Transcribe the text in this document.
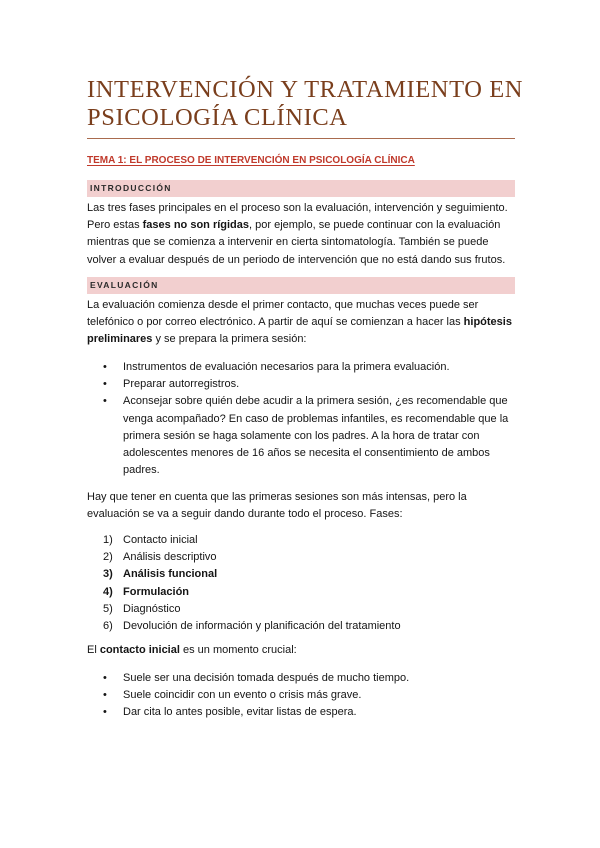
INTERVENCIÓN Y TRATAMIENTO EN
PSICOLOGÍA CLÍNICA

TEMA 1: EL PROCESO DE INTERVENCIÓN EN PSICOLOGÍA CLÍNICA

INTRODUCCIÓN

Las tres fases principales en el proceso son la evaluación, intervención y seguimiento. Pero estas fases no son rígidas, por ejemplo, se puede continuar con la evaluación mientras que se comienza a intervenir en cierta sintomatología. También se puede volver a evaluar después de un periodo de intervención que no está dando sus frutos.

EVALUACIÓN

La evaluación comienza desde el primer contacto, que muchas veces puede ser telefónico o por correo electrónico. A partir de aquí se comienzan a hacer las hipótesis preliminares y se prepara la primera sesión:

• Instrumentos de evaluación necesarios para la primera evaluación.
• Preparar autorregistros.
• Aconsejar sobre quién debe acudir a la primera sesión, ¿es recomendable que venga acompañado? En caso de problemas infantiles, es recomendable que la primera sesión se haga solamente con los padres. A la hora de tratar con adolescentes menores de 16 años se necesita el consentimiento de ambos padres.

Hay que tener en cuenta que las primeras sesiones son más intensas, pero la evaluación se va a seguir dando durante todo el proceso. Fases:

1) Contacto inicial
2) Análisis descriptivo
3) Análisis funcional
4) Formulación
5) Diagnóstico
6) Devolución de información y planificación del tratamiento

El contacto inicial es un momento crucial:

• Suele ser una decisión tomada después de mucho tiempo.
• Suele coincidir con un evento o crisis más grave.
• Dar cita lo antes posible, evitar listas de espera.
